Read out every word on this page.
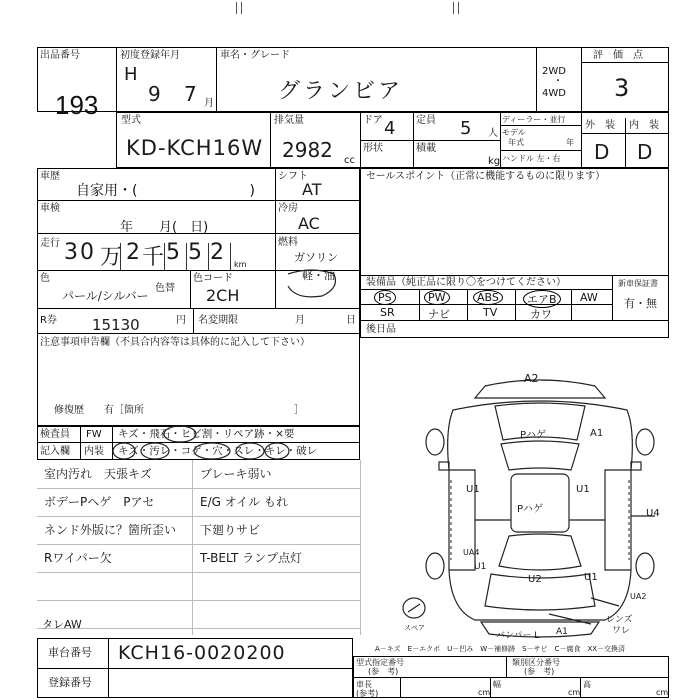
出品番号
193
初度登録年月
H
9 7 月
車名・グレード
グランビア
2WD
・
4WD
評　価　点
3
型式
KD-KCH16W
排気量
2982 cc
ドア 4 定員 5 人
形状	積載
kg
ディーラー・並行
モデル
年式	年
ハンドル 左・右
外　装 内　装
D D
車歴
自家用・(　　　　　　　　)
車検
年　　月(　日)
走行 3 0 万 2 千 5 5 2 km
色
パール/シルバー
色替
色コード
2CH
シフト
AT
冷房
AC
燃料
ガソリン
軽・油
R券 15130	円 名変期限	月	日
注意事項申告欄（不具合内容等は具体的に記入して下さい）
修復歴　　有［箇所　　　　　　　　　　　　　　　］
セールスポイント（正常に機能するものに限ります）
装備品（純正品に限り〇をつけてください）
PS	PW	ABS	エアB	AW
SR	ナビ	TV	カワ
新車保証書
有・無
後日品
検査員
記入欄
FW
内装
キズ・飛石・ヒビ割・リペア跡・×要
キズ・汚レ・コゲ・穴・スレ・キレ・破レ
室内汚れ　天張キズ	ブレーキ弱い
ボデーPヘゲ　Pアセ	E/G オイル もれ
ネンド外版に？箇所歪い 下廻りサビ
Rワイパー欠	T-BELT ランプ点灯
タレAW
A2
Pハゲ	A1
U1	U1
Pハゲ	U4
UA4
U1
U2	U1
UA2
レンズ
ワレ
A1
バンパー L
スペア
A－キズ　E－エクボ　U－凹み　W－補修跡　S－サビ　C－腐食　XX－交換済
車台番号 KCH16-0020200
登録番号
型式指定番号
(参　考)
類別区分番号
(参　考)
車長
(参考)	cm
幅
cm
高
cm
